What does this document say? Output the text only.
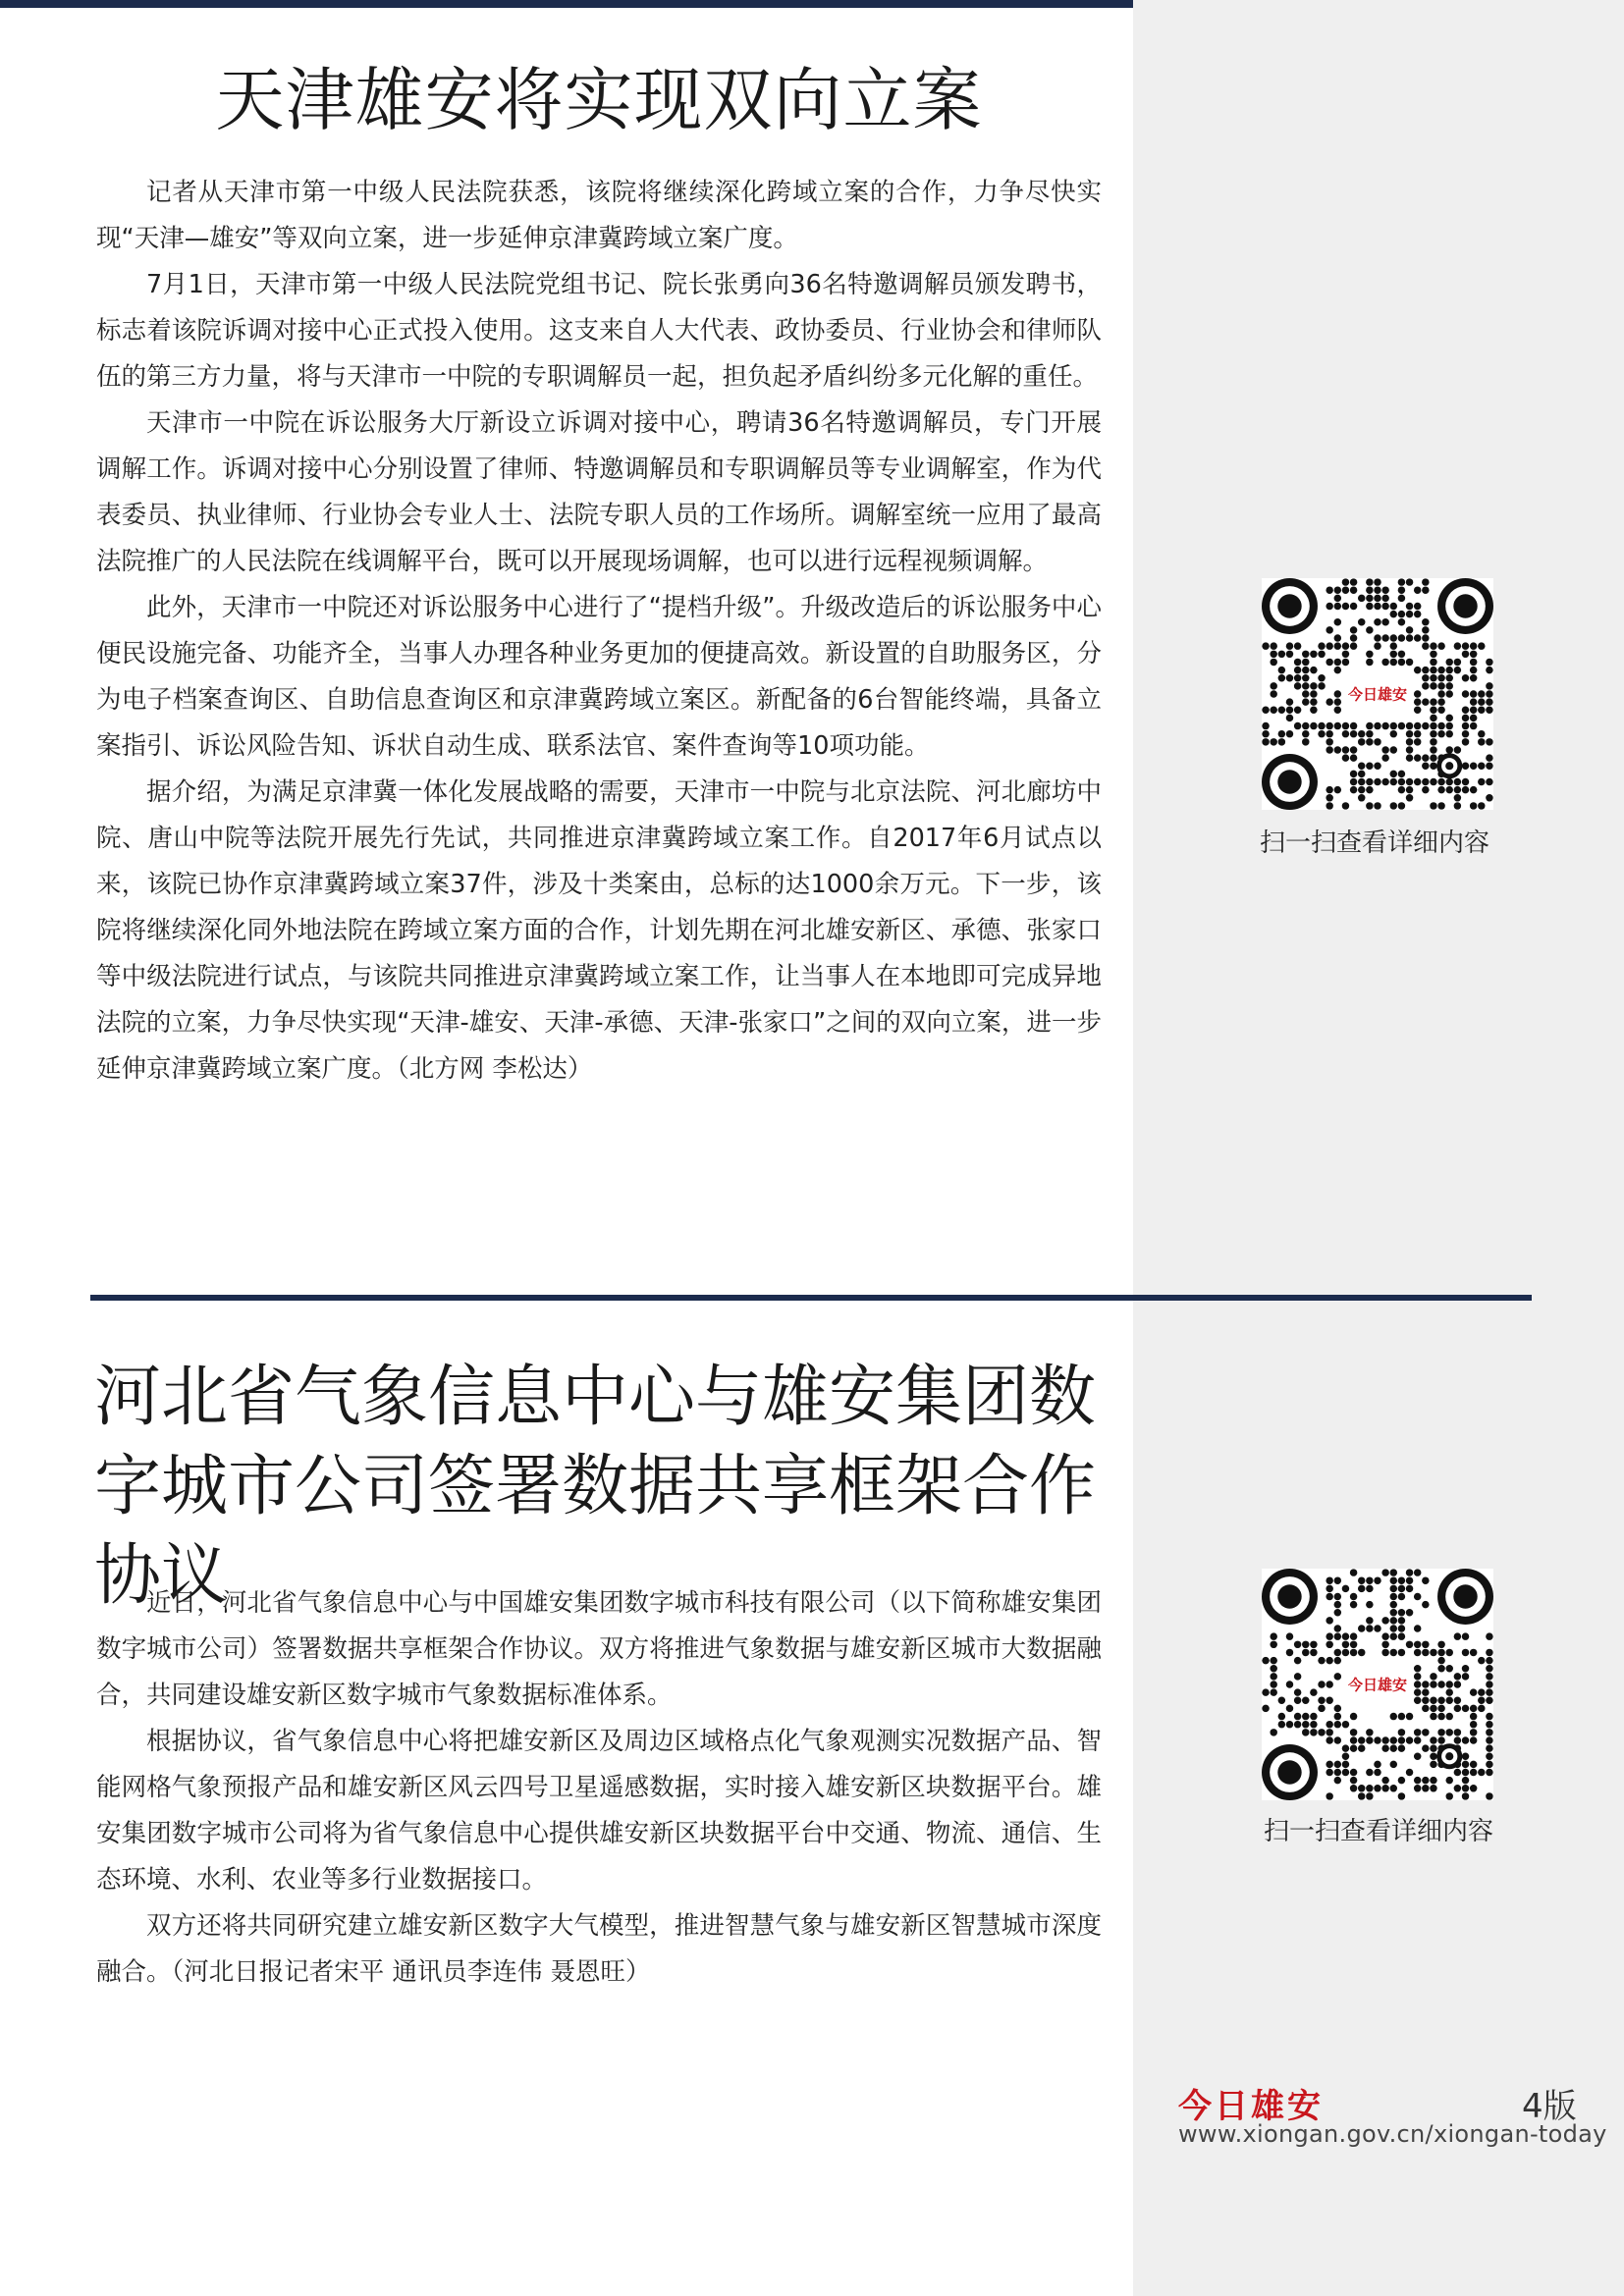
天津雄安将实现双向立案

记者从天津市第一中级人民法院获悉，该院将继续深化跨域立案的合作，力争尽快实现“天津—雄安”等双向立案，进一步延伸京津冀跨域立案广度。

7月1日，天津市第一中级人民法院党组书记、院长张勇向36名特邀调解员颁发聘书，标志着该院诉调对接中心正式投入使用。这支来自人大代表、政协委员、行业协会和律师队伍的第三方力量，将与天津市一中院的专职调解员一起，担负起矛盾纠纷多元化解的重任。

天津市一中院在诉讼服务大厅新设立诉调对接中心，聘请36名特邀调解员，专门开展调解工作。诉调对接中心分别设置了律师、特邀调解员和专职调解员等专业调解室，作为代表委员、执业律师、行业协会专业人士、法院专职人员的工作场所。调解室统一应用了最高法院推广的人民法院在线调解平台，既可以开展现场调解，也可以进行远程视频调解。

此外，天津市一中院还对诉讼服务中心进行了“提档升级”。升级改造后的诉讼服务中心便民设施完备、功能齐全，当事人办理各种业务更加的便捷高效。新设置的自助服务区，分为电子档案查询区、自助信息查询区和京津冀跨域立案区。新配备的6台智能终端，具备立案指引、诉讼风险告知、诉状自动生成、联系法官、案件查询等10项功能。

据介绍，为满足京津冀一体化发展战略的需要，天津市一中院与北京法院、河北廊坊中院、唐山中院等法院开展先行先试，共同推进京津冀跨域立案工作。自2017年6月试点以来，该院已协作京津冀跨域立案37件，涉及十类案由，总标的达1000余万元。下一步，该院将继续深化同外地法院在跨域立案方面的合作，计划先期在河北雄安新区、承德、张家口等中级法院进行试点，与该院共同推进京津冀跨域立案工作，让当事人在本地即可完成异地法院的立案，力争尽快实现“天津-雄安、天津-承德、天津-张家口”之间的双向立案，进一步延伸京津冀跨域立案广度。（北方网 李松达）

今日雄安
扫一扫查看详细内容
河北省气象信息中心与雄安集团数字城市公司签署数据共享框架合作协议

近日，河北省气象信息中心与中国雄安集团数字城市科技有限公司（以下简称雄安集团数字城市公司）签署数据共享框架合作协议。双方将推进气象数据与雄安新区城市大数据融合，共同建设雄安新区数字城市气象数据标准体系。

根据协议，省气象信息中心将把雄安新区及周边区域格点化气象观测实况数据产品、智能网格气象预报产品和雄安新区风云四号卫星遥感数据，实时接入雄安新区块数据平台。雄安集团数字城市公司将为省气象信息中心提供雄安新区块数据平台中交通、物流、通信、生态环境、水利、农业等多行业数据接口。

双方还将共同研究建立雄安新区数字大气模型，推进智慧气象与雄安新区智慧城市深度融合。（河北日报记者宋平 通讯员李连伟 聂恩旺）

今日雄安
扫一扫查看详细内容
今日雄安	4版
www.xiongan.gov.cn/xiongan-today
